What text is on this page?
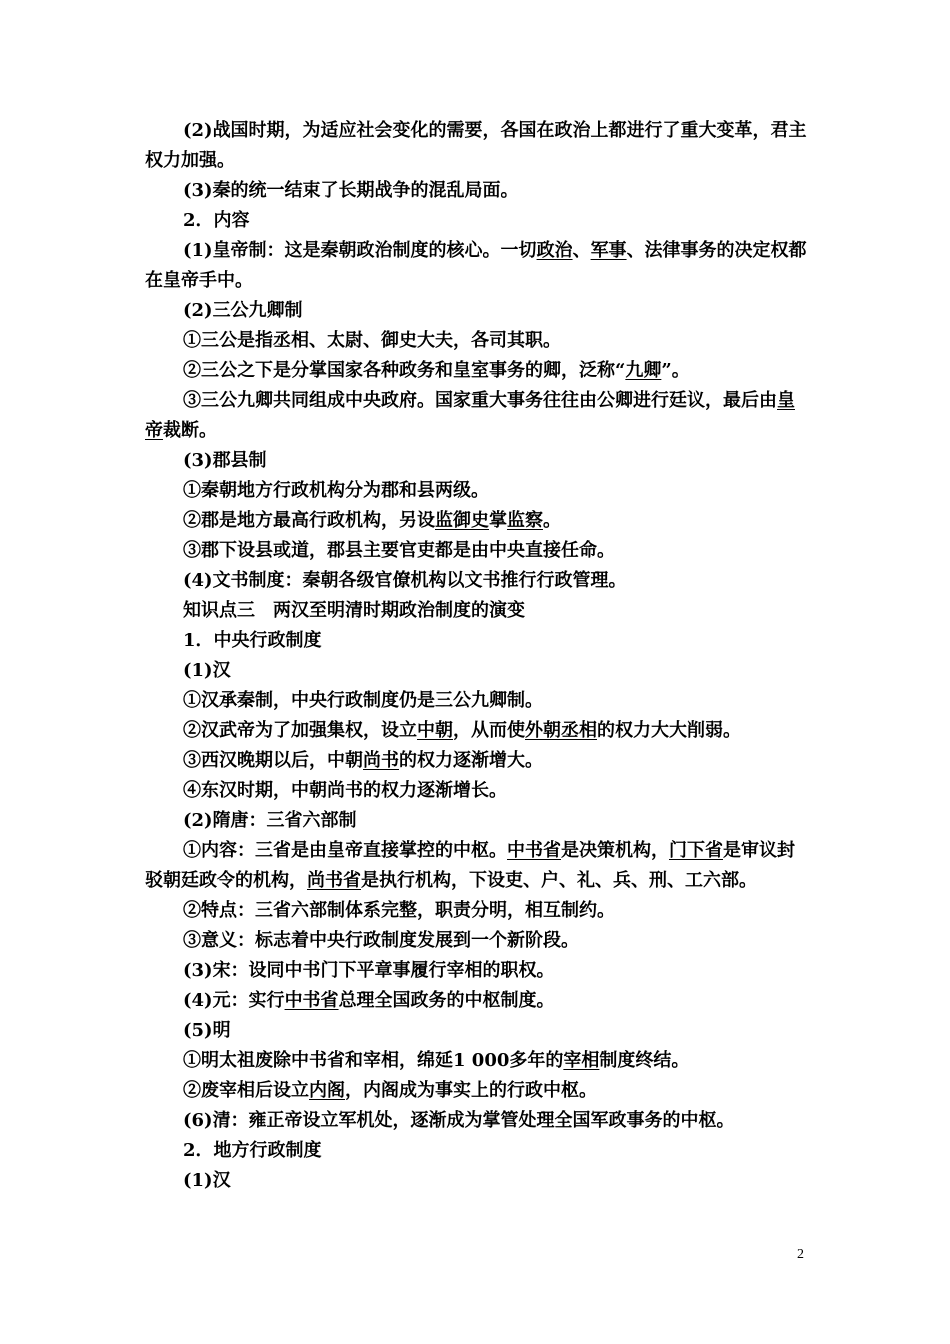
(2)战国时期，为适应社会变化的需要，各国在政治上都进行了重大变革，君主权力加强。

(3)秦的统一结束了长期战争的混乱局面。

2．内容

(1)皇帝制：这是秦朝政治制度的核心。一切政治、军事、法律事务的决定权都在皇帝手中。

(2)三公九卿制

①三公是指丞相、太尉、御史大夫，各司其职。

②三公之下是分掌国家各种政务和皇室事务的卿，泛称“九卿”。

③三公九卿共同组成中央政府。国家重大事务往往由公卿进行廷议，最后由皇帝裁断。

(3)郡县制

①秦朝地方行政机构分为郡和县两级。

②郡是地方最高行政机构，另设监御史掌监察。

③郡下设县或道，郡县主要官吏都是由中央直接任命。

(4)文书制度：秦朝各级官僚机构以文书推行行政管理。

知识点三　两汉至明清时期政治制度的演变

1．中央行政制度

(1)汉

①汉承秦制，中央行政制度仍是三公九卿制。

②汉武帝为了加强集权，设立中朝，从而使外朝丞相的权力大大削弱。

③西汉晚期以后，中朝尚书的权力逐渐增大。

④东汉时期，中朝尚书的权力逐渐增长。

(2)隋唐：三省六部制

①内容：三省是由皇帝直接掌控的中枢。中书省是决策机构，门下省是审议封驳朝廷政令的机构，尚书省是执行机构，下设吏、户、礼、兵、刑、工六部。

②特点：三省六部制体系完整，职责分明，相互制约。

③意义：标志着中央行政制度发展到一个新阶段。

(3)宋：设同中书门下平章事履行宰相的职权。

(4)元：实行中书省总理全国政务的中枢制度。

(5)明

①明太祖废除中书省和宰相，绵延1 000多年的宰相制度终结。

②废宰相后设立内阁，内阁成为事实上的行政中枢。

(6)清：雍正帝设立军机处，逐渐成为掌管处理全国军政事务的中枢。

2．地方行政制度

(1)汉

2
